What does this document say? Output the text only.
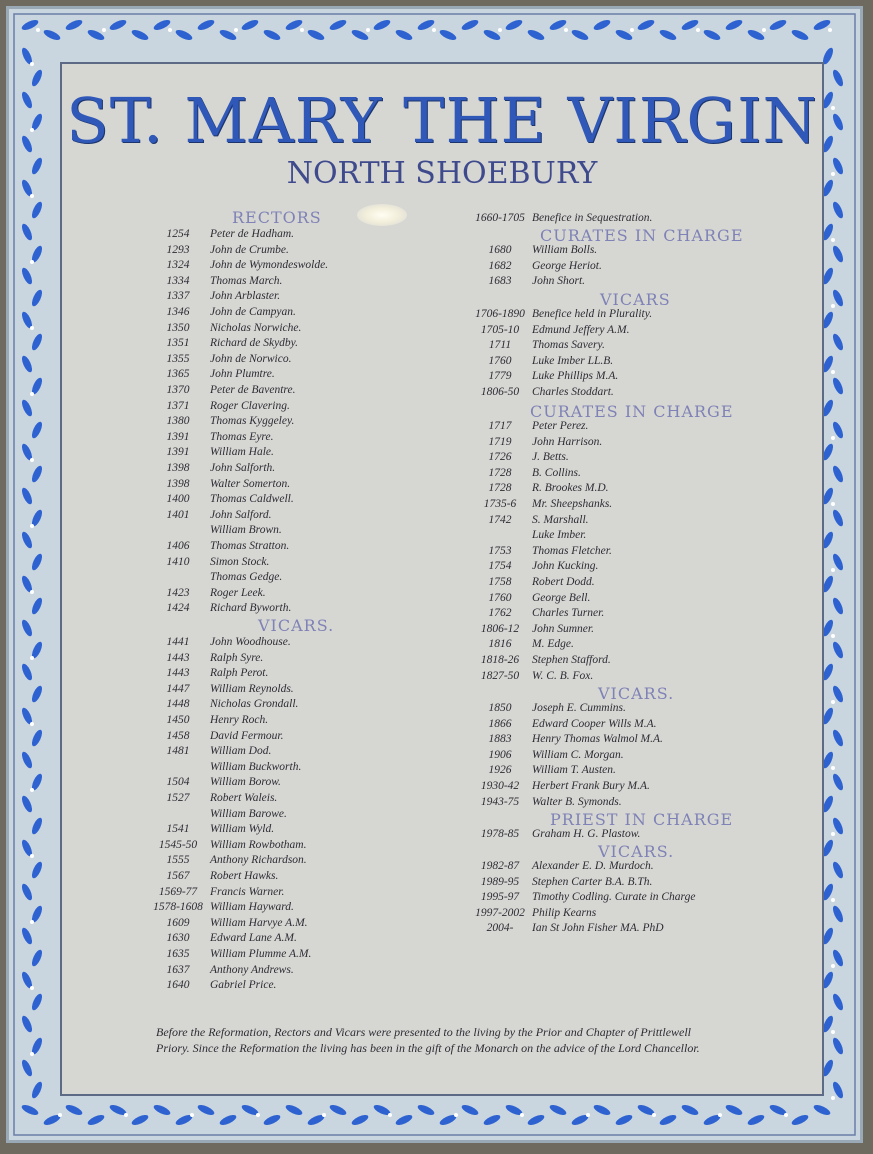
ST. MARY THE VIRGIN
NORTH SHOEBURY
RECTORS
1254	Peter de Hadham.
1293	John de Crumbe.
1324	John de Wymondeswolde.
1334	Thomas March.
1337	John Arblaster.
1346	John de Campyan.
1350	Nicholas Norwiche.
1351	Richard de Skydby.
1355	John de Norwico.
1365	John Plumtre.
1370	Peter de Baventre.
1371	Roger Clavering.
1380	Thomas Kyggeley.
1391	Thomas Eyre.
1391	William Hale.
1398	John Salforth.
1398	Walter Somerton.
1400	Thomas Caldwell.
1401	John Salford.
William Brown.
1406	Thomas Stratton.
1410	Simon Stock.
Thomas Gedge.
1423	Roger Leek.
1424	Richard Byworth.
VICARS.
1441	John Woodhouse.
1443	Ralph Syre.
1443	Ralph Perot.
1447	William Reynolds.
1448	Nicholas Grondall.
1450	Henry Roch.
1458	David Fermour.
1481	William Dod.
William Buckworth.
1504	William Borow.
1527	Robert Waleis.
William Barowe.
1541	William Wyld.
1545-50	William Rowbotham.
1555	Anthony Richardson.
1567	Robert Hawks.
1569-77	Francis Warner.
1578-1608 William Hayward.
1609	William Harvye A.M.
1630	Edward Lane A.M.
1635	William Plumme A.M.
1637	Anthony Andrews.
1640	Gabriel Price.
1660-1705 Benefice in Sequestration.
CURATES IN CHARGE
1680	William Bolls.
1682	George Heriot.
1683	John Short.
VICARS
1706-1890 Benefice held in Plurality.
1705-10	Edmund Jeffery A.M.
1711	Thomas Savery.
1760	Luke Imber LL.B.
1779	Luke Phillips M.A.
1806-50	Charles Stoddart.
CURATES IN CHARGE
1717	Peter Perez.
1719	John Harrison.
1726	J. Betts.
1728	B. Collins.
1728	R. Brookes M.D.
1735-6	Mr. Sheepshanks.
1742	S. Marshall.
Luke Imber.
1753	Thomas Fletcher.
1754	John Kucking.
1758	Robert Dodd.
1760	George Bell.
1762	Charles Turner.
1806-12	John Sumner.
1816	M. Edge.
1818-26	Stephen Stafford.
1827-50	W. C. B. Fox.
VICARS.
1850	Joseph E. Cummins.
1866	Edward Cooper Wills M.A.
1883	Henry Thomas Walmol M.A.
1906	William C. Morgan.
1926	William T. Austen.
1930-42	Herbert Frank Bury M.A.
1943-75	Walter B. Symonds.
PRIEST IN CHARGE
1978-85	Graham H. G. Plastow.
VICARS.
1982-87	Alexander E. D. Murdoch.
1989-95	Stephen Carter B.A. B.Th.
1995-97	Timothy Codling. Curate in Charge
1997-2002 Philip Kearns
2004-	Ian St John Fisher MA. PhD
Before the Reformation, Rectors and Vicars were presented to the living by the Prior and Chapter of Prittlewell Priory. Since the Reformation the living has been in the gift of the Monarch on the advice of the Lord Chancellor.
